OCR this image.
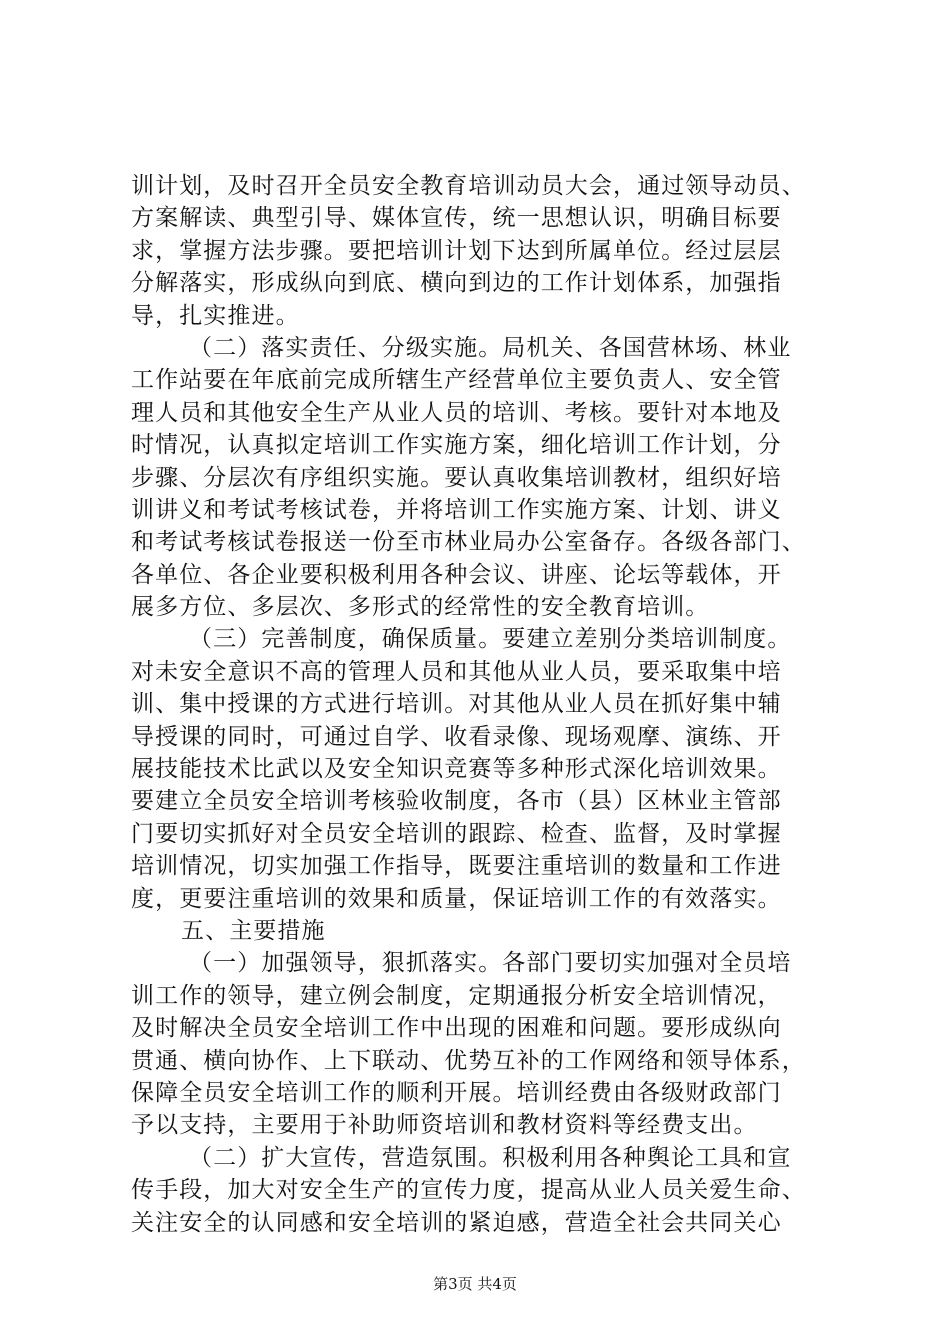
训计划，及时召开全员安全教育培训动员大会，通过领导动员、
方案解读、典型引导、媒体宣传，统一思想认识，明确目标要
求，掌握方法步骤。要把培训计划下达到所属单位。经过层层
分解落实，形成纵向到底、横向到边的工作计划体系，加强指
导，扎实推进。
（二）落实责任、分级实施。局机关、各国营林场、林业
工作站要在年底前完成所辖生产经营单位主要负责人、安全管
理人员和其他安全生产从业人员的培训、考核。要针对本地及
时情况，认真拟定培训工作实施方案，细化培训工作计划，分
步骤、分层次有序组织实施。要认真收集培训教材，组织好培
训讲义和考试考核试卷，并将培训工作实施方案、计划、讲义
和考试考核试卷报送一份至市林业局办公室备存。各级各部门、
各单位、各企业要积极利用各种会议、讲座、论坛等载体，开
展多方位、多层次、多形式的经常性的安全教育培训。
（三）完善制度，确保质量。要建立差别分类培训制度。
对未安全意识不高的管理人员和其他从业人员，要采取集中培
训、集中授课的方式进行培训。对其他从业人员在抓好集中辅
导授课的同时，可通过自学、收看录像、现场观摩、演练、开
展技能技术比武以及安全知识竞赛等多种形式深化培训效果。
要建立全员安全培训考核验收制度，各市（县）区林业主管部
门要切实抓好对全员安全培训的跟踪、检查、监督，及时掌握
培训情况，切实加强工作指导，既要注重培训的数量和工作进
度，更要注重培训的效果和质量，保证培训工作的有效落实。
五、主要措施
（一）加强领导，狠抓落实。各部门要切实加强对全员培
训工作的领导，建立例会制度，定期通报分析安全培训情况，
及时解决全员安全培训工作中出现的困难和问题。要形成纵向
贯通、横向协作、上下联动、优势互补的工作网络和领导体系，
保障全员安全培训工作的顺利开展。培训经费由各级财政部门
予以支持，主要用于补助师资培训和教材资料等经费支出。
（二）扩大宣传，营造氛围。积极利用各种舆论工具和宣
传手段，加大对安全生产的宣传力度，提高从业人员关爱生命、
关注安全的认同感和安全培训的紧迫感，营造全社会共同关心
第3页 共4页
